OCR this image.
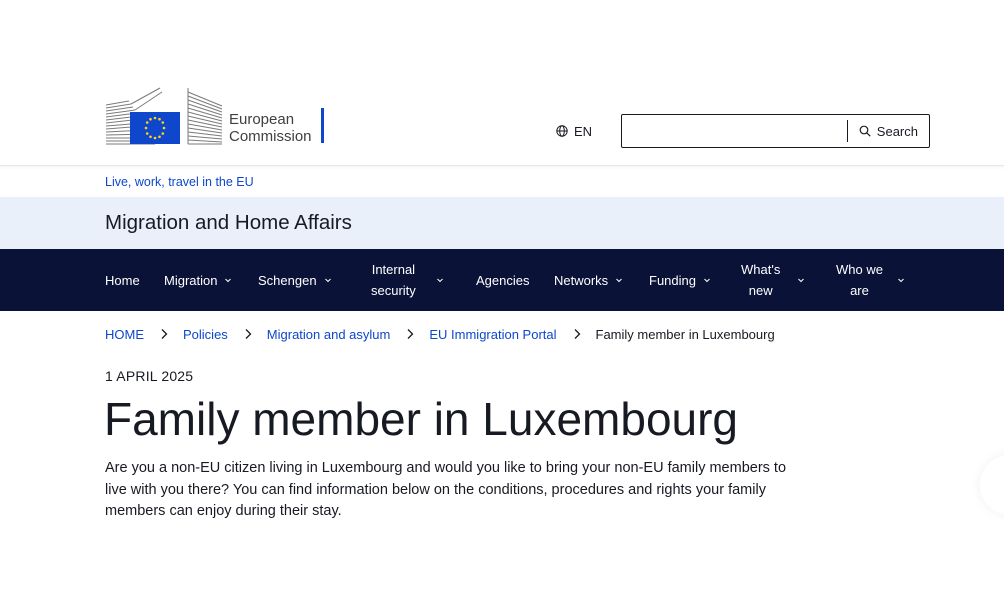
European
Commission	EN	Search
Live, work, travel in the EU
Migration and Home Affairs
Home Migration	Schengen
Internal
security
Agencies Networks	Funding
What's
new
Who we
are
HOME	Policies	Migration and asylum	EU Immigration Portal	Family member in Luxembourg
1 APRIL 2025
Family member in Luxembourg
Are you a non-EU citizen living in Luxembourg and would you like to bring your non-EU family members to
live with you there? You can find information below on the conditions, procedures and rights your family
members can enjoy during their stay.
